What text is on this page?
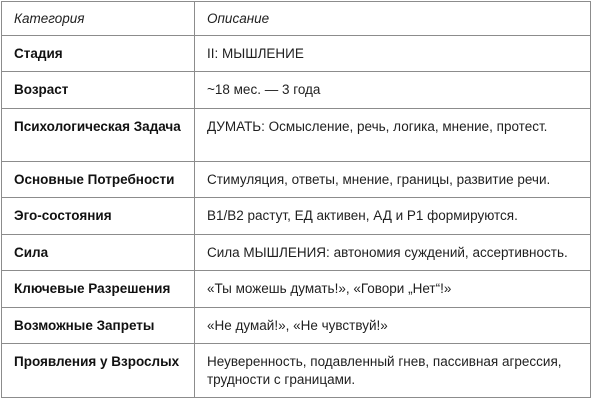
Категория	Описание
Стадия	II: МЫШЛЕНИЕ
Возраст	~18 мес. — 3 года
Психологическая Задача	ДУМАТЬ: Осмысление, речь, логика, мнение, протест.
Основные Потребности	Стимуляция, ответы, мнение, границы, развитие речи.
Эго-состояния	В1/В2 растут, ЕД активен, АД и Р1 формируются.
Сила	Сила МЫШЛЕНИЯ: автономия суждений, ассертивность.
Ключевые Разрешения	«Ты можешь думать!», «Говори „Нет“!»
Возможные Запреты	«Не думай!», «Не чувствуй!»
Проявления у Взрослых	Неуверенность, подавленный гнев, пассивная агрессия, трудности с границами.
